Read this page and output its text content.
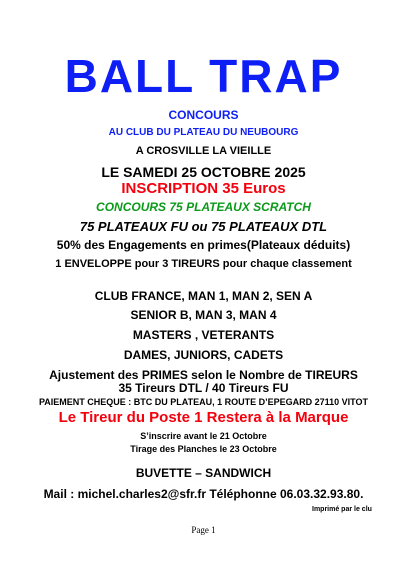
BALL TRAP
CONCOURS
AU CLUB DU PLATEAU DU NEUBOURG
A CROSVILLE LA VIEILLE
LE SAMEDI 25 OCTOBRE 2025
INSCRIPTION 35 Euros
CONCOURS 75 PLATEAUX SCRATCH
75 PLATEAUX FU ou 75 PLATEAUX DTL
50% des Engagements en primes(Plateaux déduits)
1 ENVELOPPE pour 3 TIREURS pour chaque classement
CLUB FRANCE, MAN 1, MAN 2, SEN A
SENIOR B, MAN 3, MAN 4
MASTERS , VETERANTS
DAMES, JUNIORS, CADETS
Ajustement des PRIMES selon le Nombre de TIREURS
35 Tireurs DTL / 40 Tireurs FU
PAIEMENT CHEQUE : BTC DU PLATEAU, 1 ROUTE D’EPEGARD 27110 VITOT
Le Tireur du Poste 1 Restera à la Marque
S’inscrire avant le 21 Octobre
Tirage des Planches le 23 Octobre
BUVETTE – SANDWICH
Mail : michel.charles2@sfr.fr Téléphonne 06.03.32.93.80.
Imprimé par le clu
Page 1
